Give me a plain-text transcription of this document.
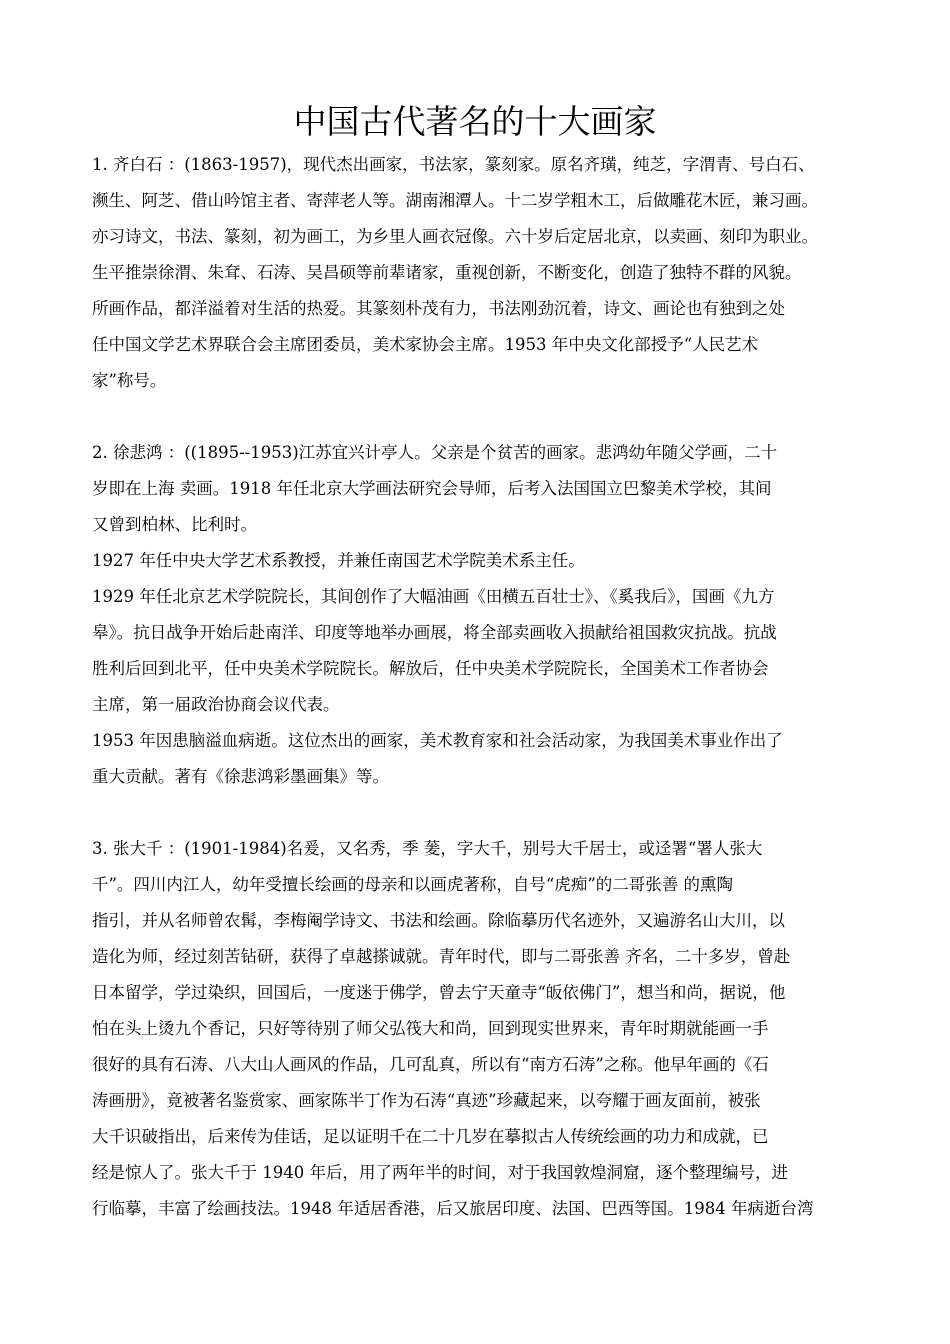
中国古代著名的十大画家
1. 齐白石 ：(1863-1957)，现代杰出画家，书法家，篆刻家。原名齐璜，纯芝，字渭青、号白石、
濒生、阿芝、借山吟馆主者、寄萍老人等。湖南湘潭人。十二岁学粗木工，后做雕花木匠，兼习画。
亦习诗文，书法、篆刻，初为画工，为乡里人画衣冠像。六十岁后定居北京，以卖画、刻印为职业。
生平推崇徐渭、朱耷、石涛、吴昌硕等前辈诸家，重视创新，不断变化，创造了独特不群的风貌。
所画作品，都洋溢着对生活的热爱。其篆刻朴茂有力，书法刚劲沉着，诗文、画论也有独到之处
任中国文学艺术界联合会主席团委员，美术家协会主席。1953 年中央文化部授予“人民艺术
家”称号。
2. 徐悲鸿 ：((1895--1953)江苏宜兴计亭人。父亲是个贫苦的画家。悲鸿幼年随父学画，二十
岁即在上海 卖画。1918 年任北京大学画法研究会导师，后考入法国国立巴黎美术学校，其间
又曾到柏林、比利时。
1927 年任中央大学艺术系教授，并兼任南国艺术学院美术系主任。
1929 年任北京艺术学院院长，其间创作了大幅油画《田横五百壮士》、《奚我后》，国画《九方
皋》。抗日战争开始后赴南洋、印度等地举办画展，将全部卖画收入损献给祖国救灾抗战。抗战
胜利后回到北平，任中央美术学院院长。解放后，任中央美术学院院长，全国美术工作者协会
主席，第一届政治协商会议代表。
1953 年因患脑溢血病逝。这位杰出的画家，美术教育家和社会活动家，为我国美术事业作出了
重大贡献。著有《徐悲鸿彩墨画集》等。
3. 张大千 ：(1901-1984)名爰，又名秀，季 蓌，字大千，别号大千居士，或迳署“署人张大
千”。四川内江人，幼年受擅长绘画的母亲和以画虎著称，自号“虎痴”的二哥张善 的熏陶
指引，并从名师曾农髯，李梅阉学诗文、书法和绘画。除临摹历代名迹外，又遍游名山大川，以
造化为师，经过刻苦钻研，获得了卓越搽诚就。青年时代，即与二哥张善 齐名，二十多岁，曾赴
日本留学，学过染织，回国后，一度迷于佛学，曾去宁天童寺“皈依佛门”，想当和尚，据说，他
怕在头上烫九个香记，只好等待别了师父弘筏大和尚，回到现实世界来，青年时期就能画一手
很好的具有石涛、八大山人画风的作品，几可乱真，所以有“南方石涛”之称。他早年画的《石
涛画册》，竟被著名鉴赏家、画家陈半丁作为石涛“真迹”珍藏起来，以夸耀于画友面前，被张
大千识破指出，后来传为佳话，足以证明千在二十几岁在摹拟古人传统绘画的功力和成就，已
经是惊人了。张大千于 1940 年后，用了两年半的时间，对于我国敦煌洞窟，逐个整理编号，进
行临摹，丰富了绘画技法。1948 年适居香港，后又旅居印度、法国、巴西等国。1984 年病逝台湾
